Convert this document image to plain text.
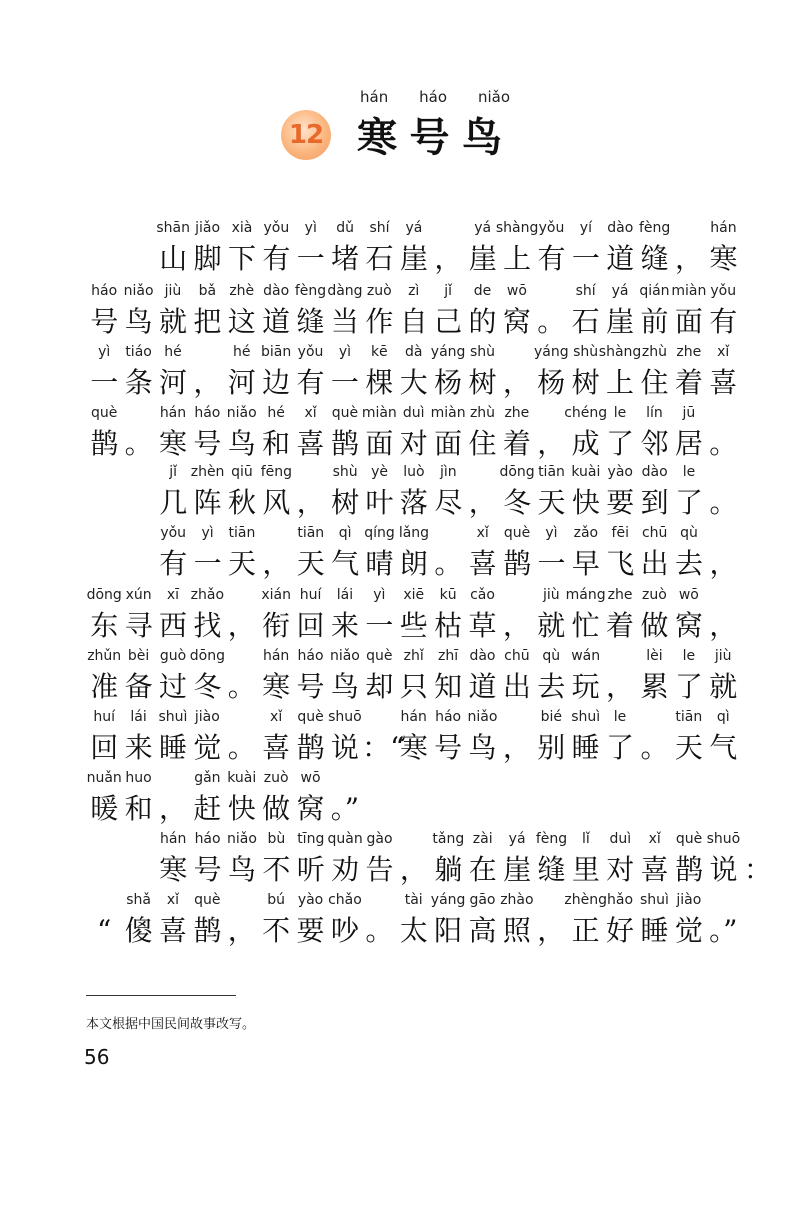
hán háo niǎo
12 寒 号 鸟
shān
山
jiǎo
脚
xià
下
yǒu
有
yì
一
dǔ
堵
shí
石
yá
崖 ，
yá
崖
shàng
上
yǒu
有
yí
一
dào
道
fèng
缝 ，
hán
寒
háo
号
niǎo
鸟
jiù
就
bǎ
把
zhè
这
dào
道
fèng
缝
dàng
当
zuò
作
zì
自
jǐ
己
de
的
wō
窝 。
shí
石
yá
崖
qián
前
miàn
面
yǒu
有
yì
一
tiáo
条
hé
河 ，
hé
河
biān
边
yǒu
有
yì
一
kē
棵
dà
大
yáng
杨
shù
树 ，
yáng
杨
shù
树
shàng
上
zhù
住
zhe
着
xǐ
喜
què
鹊 。
hán
寒
háo
号
niǎo
鸟
hé
和
xǐ
喜
què
鹊
miàn
面
duì
对
miàn
面
zhù
住
zhe
着 ，
chéng
成
le
了
lín
邻
jū
居 。
jǐ
几
zhèn
阵
qiū
秋
fēng
风 ，
shù
树
yè
叶
luò
落
jìn
尽 ，
dōng
冬
tiān
天
kuài
快
yào
要
dào
到
le
了 。
yǒu
有
yì
一
tiān
天 ，
tiān
天
qì
气
qíng
晴
lǎng
朗 。
xǐ
喜
què
鹊
yì
一
zǎo
早
fēi
飞
chū
出
qù
去 ，
dōng
东
xún
寻
xī
西
zhǎo
找 ，
xián
衔
huí
回
lái
来
yì
一
xiē
些
kū
枯
cǎo
草 ，
jiù
就
máng
忙
zhe
着
zuò
做
wō
窝 ，
zhǔn
准
bèi
备
guò
过
dōng
冬 。
hán
寒
háo
号
niǎo
鸟
què
却
zhǐ
只
zhī
知
dào
道
chū
出
qù
去
wán
玩 ，
lèi
累
le
了
jiù
就
huí
回
lái
来
shuì
睡
jiào
觉 。
xǐ
喜
què
鹊
shuō
说 ：“
hán
寒
háo
号
niǎo
鸟 ，
bié
别
shuì
睡
le
了 。
tiān
天
qì
气
nuǎn
暖
huo
和 ，
gǎn
赶
kuài
快
zuò
做
wō
窝 。”
hán
寒
háo
号
niǎo
鸟
bù
不
tīng
听
quàn
劝
gào
告 ，
tǎng
躺
zài
在
yá
崖
fèng
缝
lǐ
里
duì
对
xǐ
喜
què
鹊
shuō
说 ：
“
shǎ
傻
xǐ
喜
què
鹊 ，
bú
不
yào
要
chǎo
吵 。
tài
太
yáng
阳
gāo
高
zhào
照 ，
zhèng
正
hǎo
好
shuì
睡
jiào
觉 。”
本文根据中国民间故事改写。
56
